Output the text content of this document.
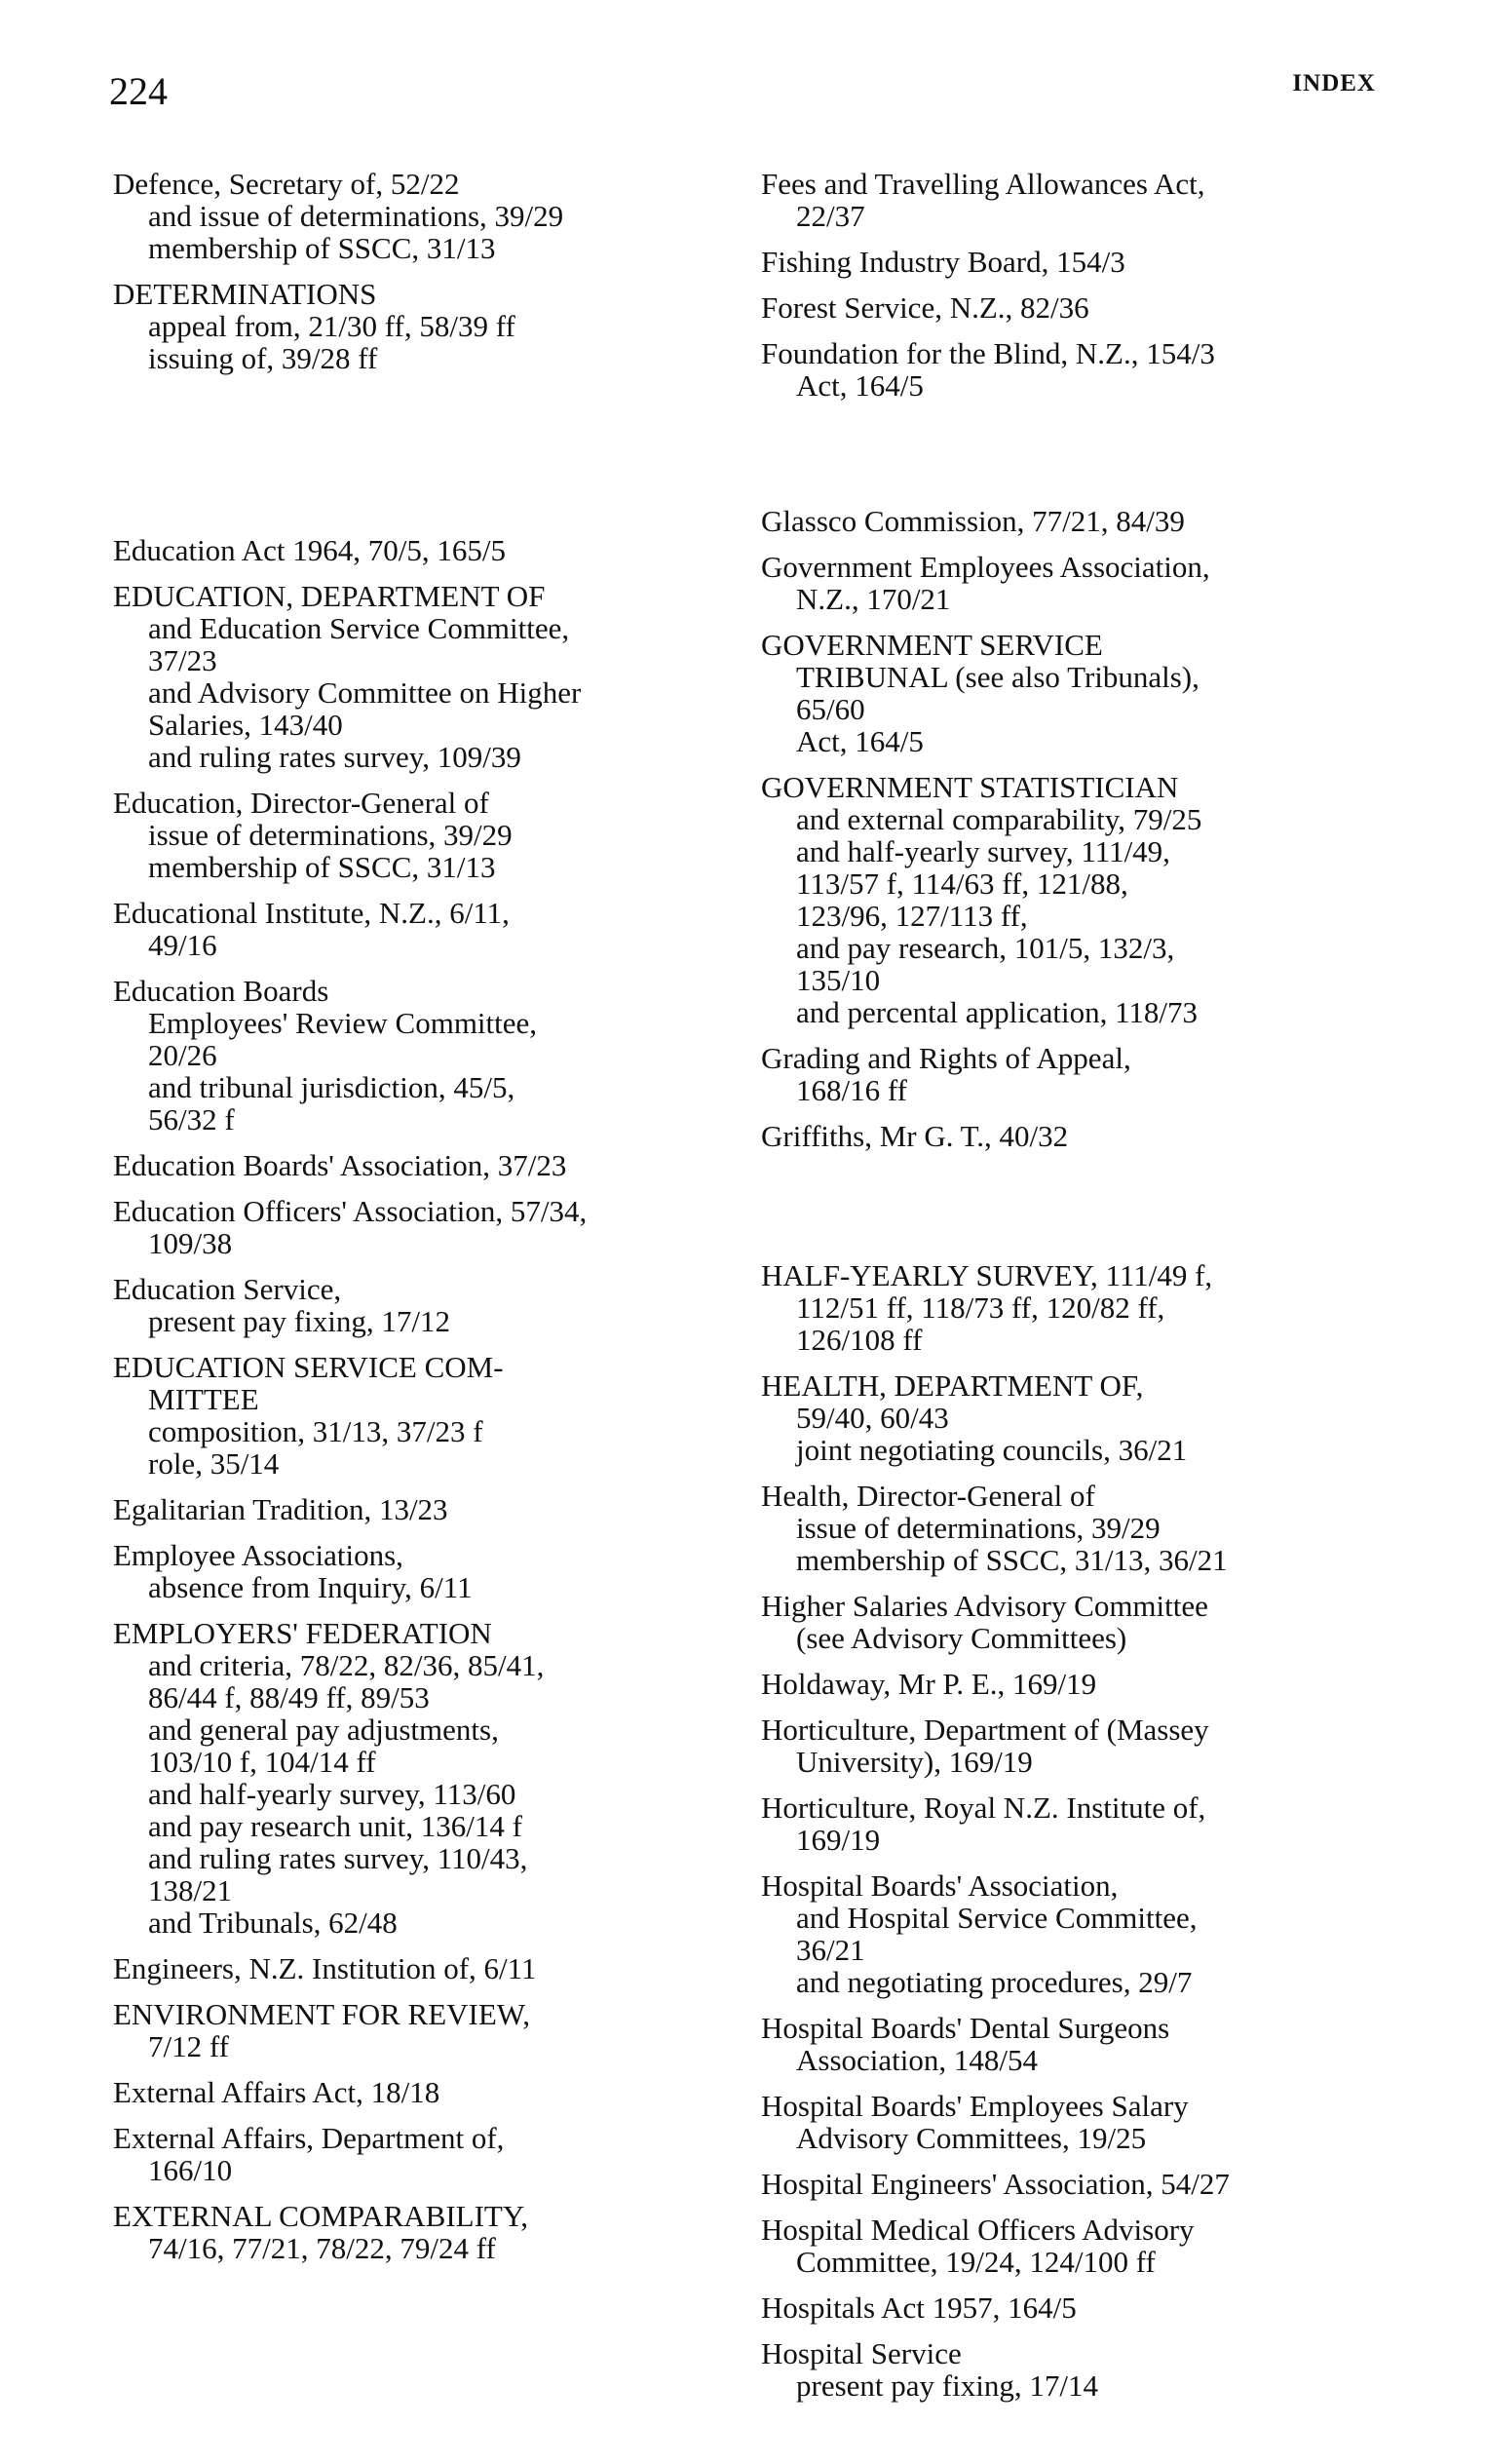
224	INDEX
Defence, Secretary of, 52/22
and issue of determinations, 39/29
membership of SSCC, 31/13
DETERMINATIONS
appeal from, 21/30 ff, 58/39 ff
issuing of, 39/28 ff
Education Act 1964, 70/5, 165/5
EDUCATION, DEPARTMENT OF
and Education Service Committee,
37/23
and Advisory Committee on Higher
Salaries, 143/40
and ruling rates survey, 109/39
Education, Director-General of
issue of determinations, 39/29
membership of SSCC, 31/13
Educational Institute, N.Z., 6/11,
49/16
Education Boards
Employees' Review Committee,
20/26
and tribunal jurisdiction, 45/5,
56/32 f
Education Boards' Association, 37/23
Education Officers' Association, 57/34,
109/38
Education Service,
present pay fixing, 17/12
EDUCATION SERVICE COM-
MITTEE
composition, 31/13, 37/23 f
role, 35/14
Egalitarian Tradition, 13/23
Employee Associations,
absence from Inquiry, 6/11
EMPLOYERS' FEDERATION
and criteria, 78/22, 82/36, 85/41,
86/44 f, 88/49 ff, 89/53
and general pay adjustments,
103/10 f, 104/14 ff
and half-yearly survey, 113/60
and pay research unit, 136/14 f
and ruling rates survey, 110/43,
138/21
and Tribunals, 62/48
Engineers, N.Z. Institution of, 6/11
ENVIRONMENT FOR REVIEW,
7/12 ff
External Affairs Act, 18/18
External Affairs, Department of,
166/10
EXTERNAL COMPARABILITY,
74/16, 77/21, 78/22, 79/24 ff
Fees and Travelling Allowances Act,
22/37
Fishing Industry Board, 154/3
Forest Service, N.Z., 82/36
Foundation for the Blind, N.Z., 154/3
Act, 164/5
Glassco Commission, 77/21, 84/39
Government Employees Association,
N.Z., 170/21
GOVERNMENT SERVICE
TRIBUNAL (see also Tribunals),
65/60
Act, 164/5
GOVERNMENT STATISTICIAN
and external comparability, 79/25
and half-yearly survey, 111/49,
113/57 f, 114/63 ff, 121/88,
123/96, 127/113 ff,
and pay research, 101/5, 132/3,
135/10
and percental application, 118/73
Grading and Rights of Appeal,
168/16 ff
Griffiths, Mr G. T., 40/32
HALF-YEARLY SURVEY, 111/49 f,
112/51 ff, 118/73 ff, 120/82 ff,
126/108 ff
HEALTH, DEPARTMENT OF,
59/40, 60/43
joint negotiating councils, 36/21
Health, Director-General of
issue of determinations, 39/29
membership of SSCC, 31/13, 36/21
Higher Salaries Advisory Committee
(see Advisory Committees)
Holdaway, Mr P. E., 169/19
Horticulture, Department of (Massey
University), 169/19
Horticulture, Royal N.Z. Institute of,
169/19
Hospital Boards' Association,
and Hospital Service Committee,
36/21
and negotiating procedures, 29/7
Hospital Boards' Dental Surgeons
Association, 148/54
Hospital Boards' Employees Salary
Advisory Committees, 19/25
Hospital Engineers' Association, 54/27
Hospital Medical Officers Advisory
Committee, 19/24, 124/100 ff
Hospitals Act 1957, 164/5
Hospital Service
present pay fixing, 17/14
